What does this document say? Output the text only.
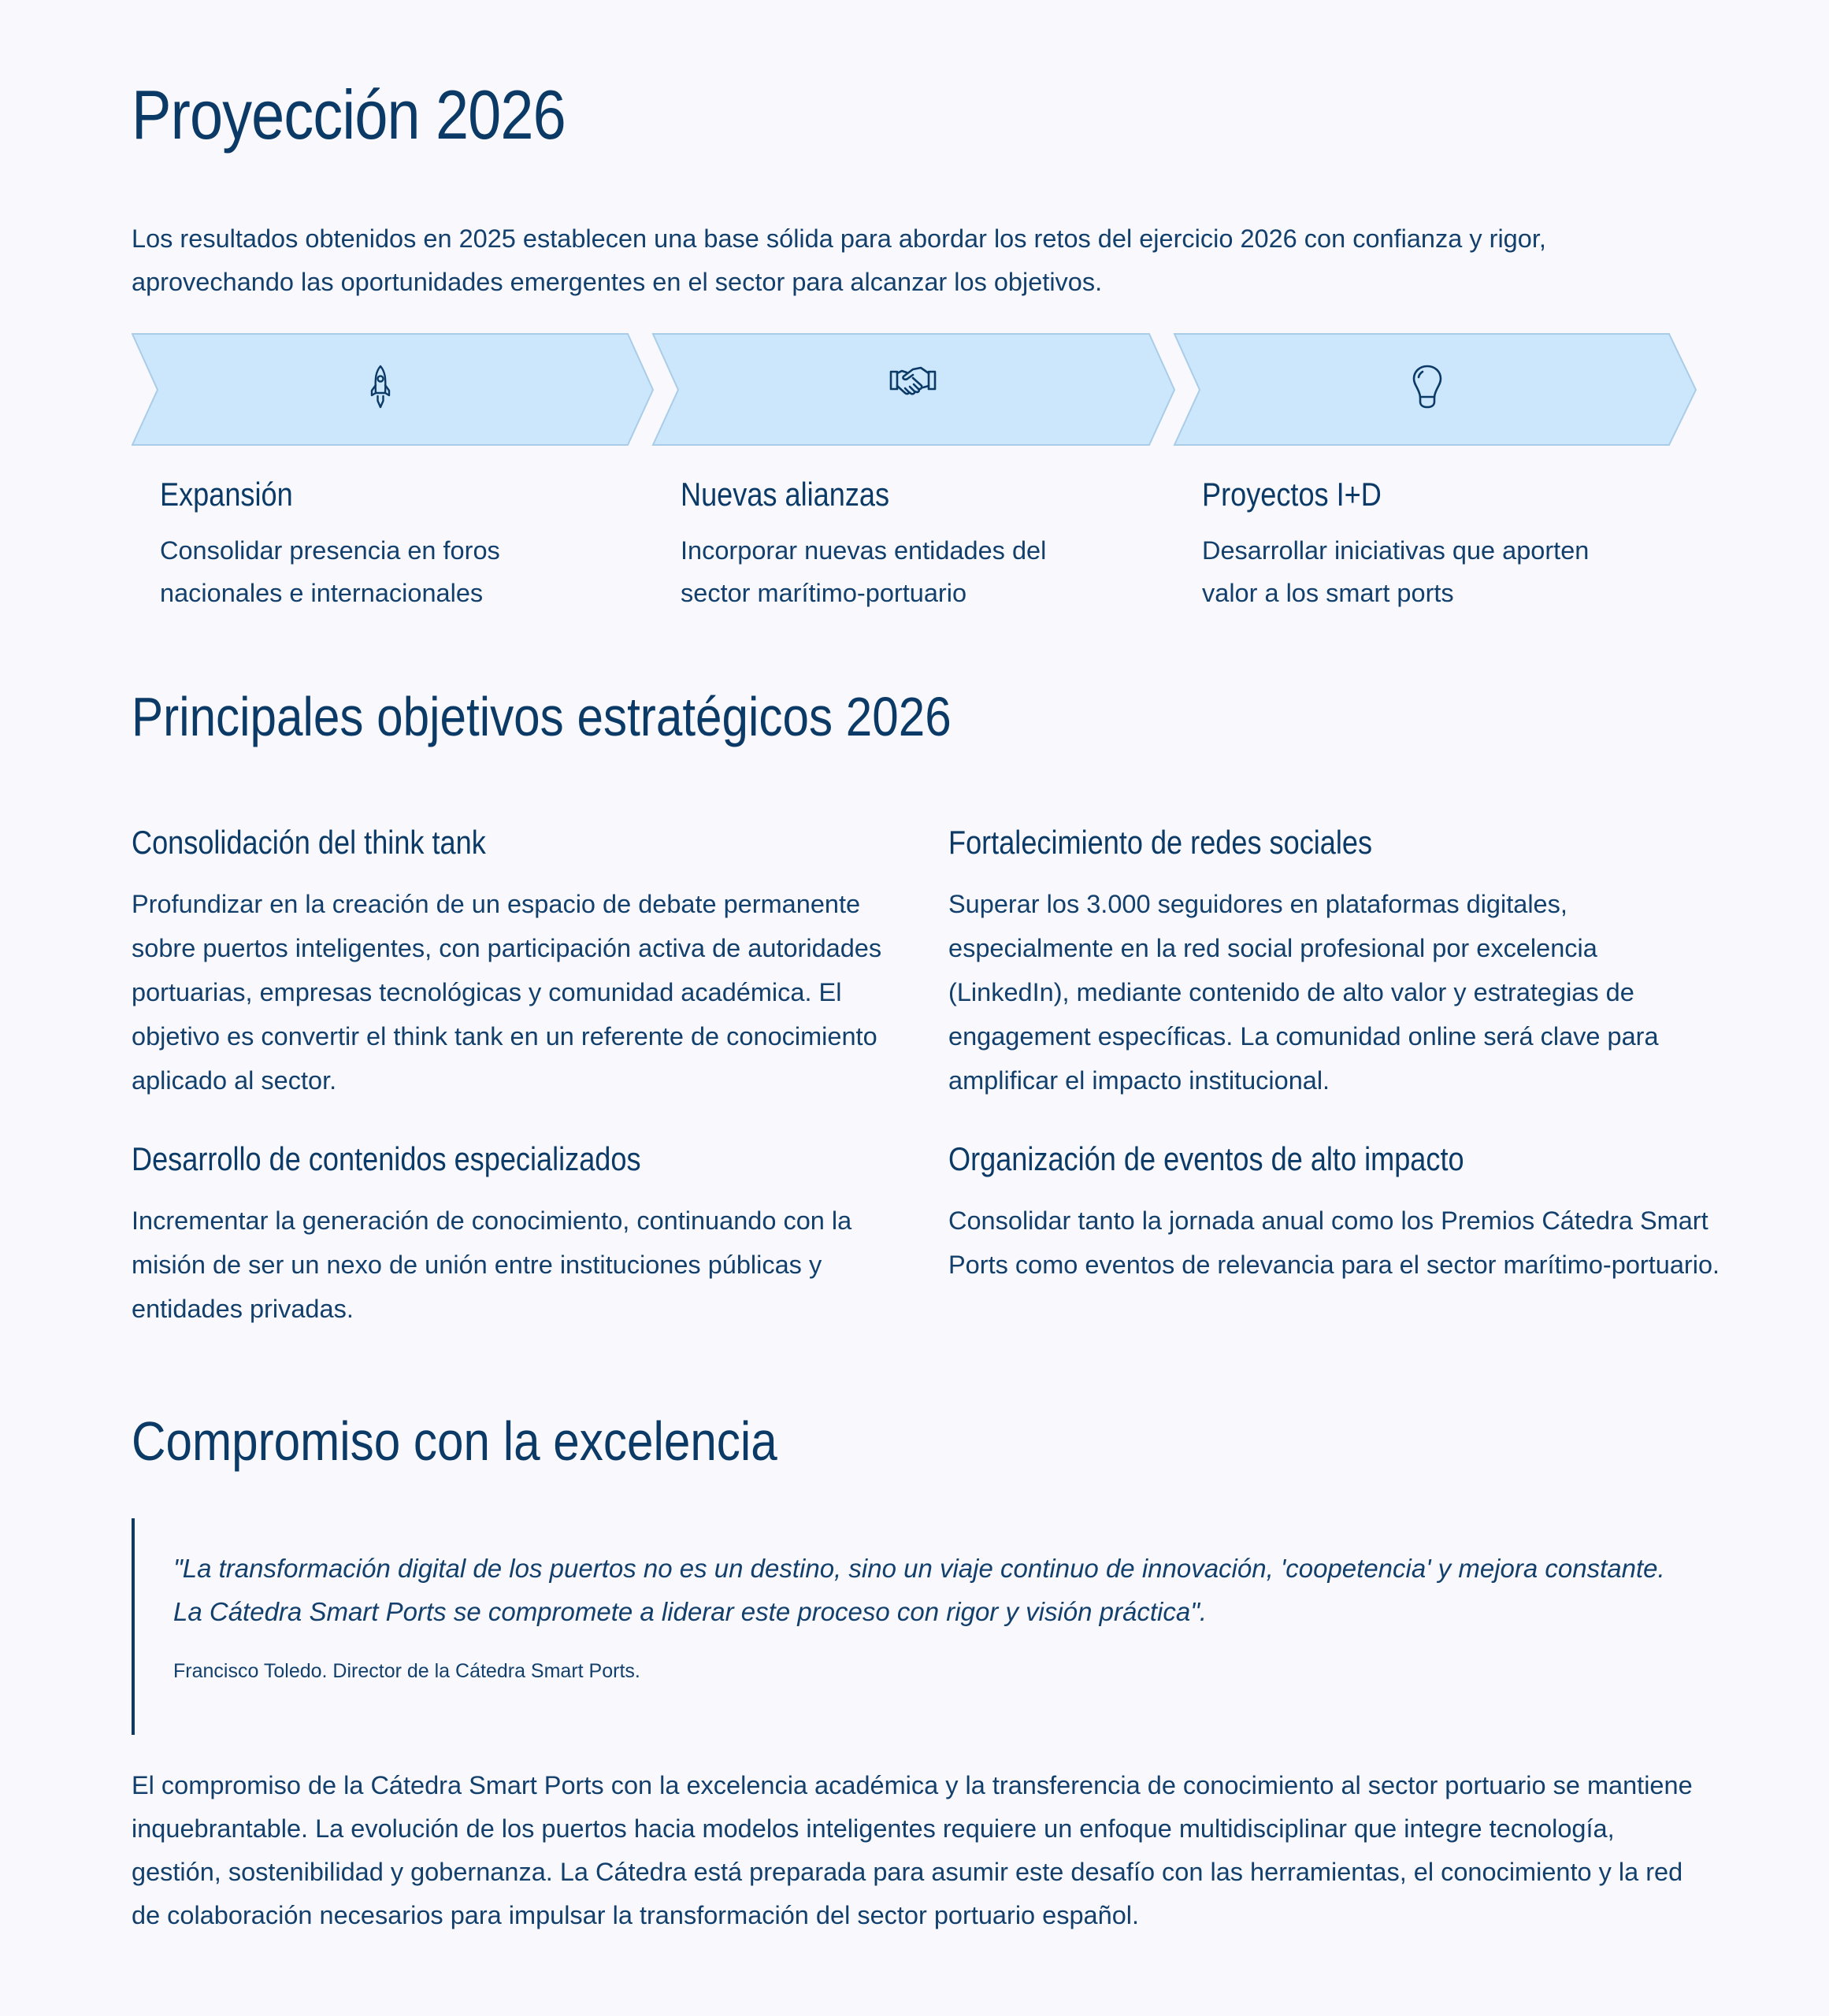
Proyección 2026

Los resultados obtenidos en 2025 establecen una base sólida para abordar los retos del ejercicio 2026 con confianza y rigor, aprovechando las oportunidades emergentes en el sector para alcanzar los objetivos.

Expansión

Consolidar presencia en foros nacionales e internacionales

Nuevas alianzas

Incorporar nuevas entidades del sector marítimo-portuario

Proyectos I+D

Desarrollar iniciativas que aporten valor a los smart ports

Principales objetivos estratégicos 2026
Consolidación del think tank

Profundizar en la creación de un espacio de debate permanente sobre puertos inteligentes, con participación activa de autoridades portuarias, empresas tecnológicas y comunidad académica. El objetivo es convertir el think tank en un referente de conocimiento aplicado al sector.

Fortalecimiento de redes sociales

Superar los 3.000 seguidores en plataformas digitales, especialmente en la red social profesional por excelencia (LinkedIn), mediante contenido de alto valor y estrategias de engagement específicas. La comunidad online será clave para amplificar el impacto institucional.

Desarrollo de contenidos especializados

Incrementar la generación de conocimiento, continuando con la misión de ser un nexo de unión entre instituciones públicas y entidades privadas.

Organización de eventos de alto impacto

Consolidar tanto la jornada anual como los Premios Cátedra Smart Ports como eventos de relevancia para el sector marítimo-portuario.

Compromiso con la excelencia

"La transformación digital de los puertos no es un destino, sino un viaje continuo de innovación, 'coopetencia' y mejora constante. La Cátedra Smart Ports se compromete a liderar este proceso con rigor y visión práctica".

Francisco Toledo. Director de la Cátedra Smart Ports.

El compromiso de la Cátedra Smart Ports con la excelencia académica y la transferencia de conocimiento al sector portuario se mantiene inquebrantable. La evolución de los puertos hacia modelos inteligentes requiere un enfoque multidisciplinar que integre tecnología, gestión, sostenibilidad y gobernanza. La Cátedra está preparada para asumir este desafío con las herramientas, el conocimiento y la red de colaboración necesarios para impulsar la transformación del sector portuario español.
